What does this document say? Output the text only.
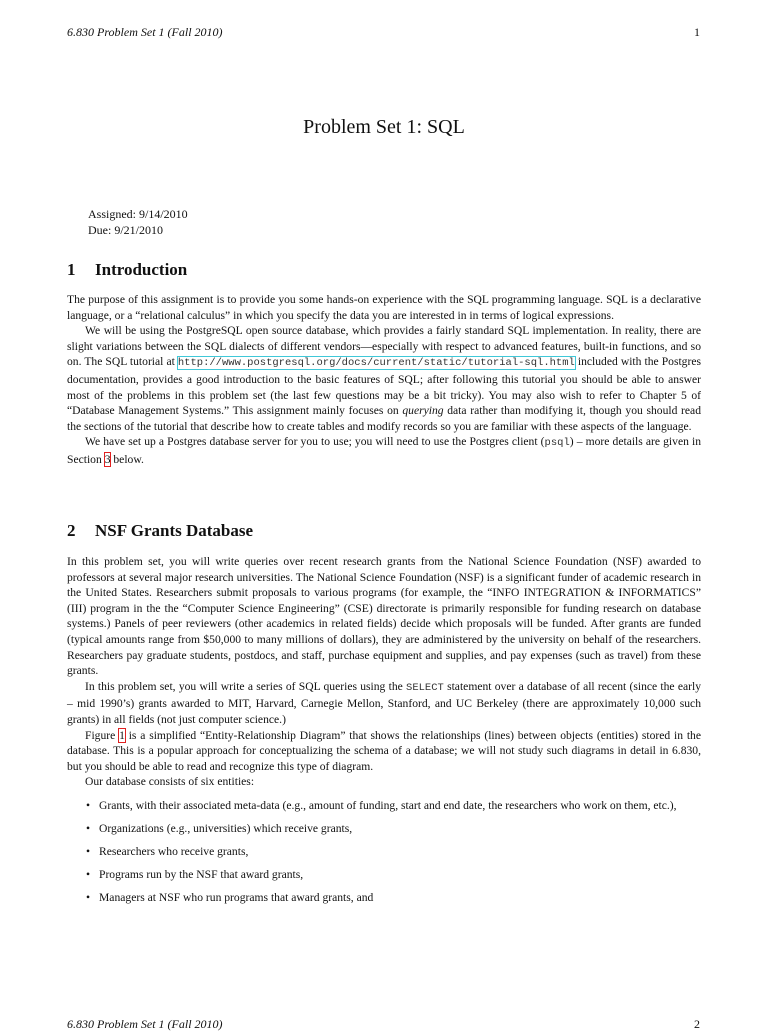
6.830 Problem Set 1 (Fall 2010)	1
Problem Set 1: SQL
Assigned: 9/14/2010
Due: 9/21/2010
1 Introduction

The purpose of this assignment is to provide you some hands-on experience with the SQL programming language. SQL is a declarative language, or a “relational calculus” in which you specify the data you are interested in in terms of logical expressions.

We will be using the PostgreSQL open source database, which provides a fairly standard SQL implementation. In reality, there are slight variations between the SQL dialects of different vendors—especially with respect to advanced features, built-in functions, and so on. The SQL tutorial at http://www.postgresql.org/docs/current/static/tutorial-sql.html included with the Postgres documentation, provides a good introduction to the basic features of SQL; after following this tutorial you should be able to answer most of the problems in this problem set (the last few questions may be a bit tricky). You may also wish to refer to Chapter 5 of “Database Management Systems.” This assignment mainly focuses on querying data rather than modifying it, though you should read the sections of the tutorial that describe how to create tables and modify records so you are familiar with these aspects of the language.

We have set up a Postgres database server for you to use; you will need to use the Postgres client (psql) – more details are given in Section 3 below.

2 NSF Grants Database

In this problem set, you will write queries over recent research grants from the National Science Foundation (NSF) awarded to professors at several major research universities. The National Science Foundation (NSF) is a significant funder of academic research in the United States. Researchers submit proposals to various programs (for example, the “INFO INTEGRATION & INFORMATICS” (III) program in the the “Computer Science Engineering” (CSE) directorate is primarily responsible for funding research on database systems.) Panels of peer reviewers (other academics in related fields) decide which proposals will be funded. After grants are funded (typical amounts range from $50,000 to many millions of dollars), they are administered by the university on behalf of the researchers. Researchers pay graduate students, postdocs, and staff, purchase equipment and supplies, and pay expenses (such as travel) from these grants.

In this problem set, you will write a series of SQL queries using the SELECT statement over a database of all recent (since the early – mid 1990’s) grants awarded to MIT, Harvard, Carnegie Mellon, Stanford, and UC Berkeley (there are approximately 10,000 such grants) in all fields (not just computer science.)

Figure 1 is a simplified “Entity-Relationship Diagram” that shows the relationships (lines) between objects (entities) stored in the database. This is a popular approach for conceptualizing the schema of a database; we will not study such diagrams in detail in 6.830, but you should be able to read and recognize this type of diagram.

Our database consists of six entities:

• Grants, with their associated meta-data (e.g., amount of funding, start and end date, the researchers who work on them, etc.),
• Organizations (e.g., universities) which receive grants,
• Researchers who receive grants,
• Programs run by the NSF that award grants,
• Managers at NSF who run programs that award grants, and
6.830 Problem Set 1 (Fall 2010)	2
